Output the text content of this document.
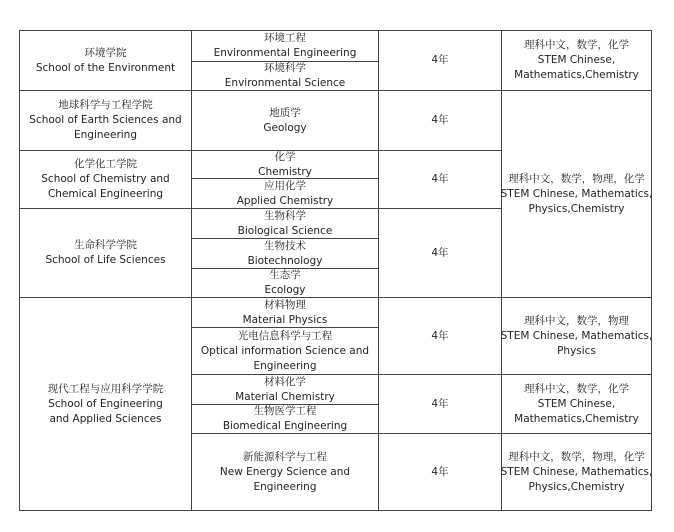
环境学院
School of the Environment
环境工程
Environmental Engineering
环境科学
Environmental Science
4年
理科中文，数学，化学
STEM Chinese,
Mathematics,Chemistry
地球科学与工程学院
School of Earth Sciences and
Engineering
地质学
Geology
4年
理科中文，数学，物理，化学
STEM Chinese, Mathematics,
Physics,Chemistry
化学化工学院
School of Chemistry and
Chemical Engineering
化学
Chemistry
应用化学
Applied Chemistry
4年
生命科学学院
School of Life Sciences
生物科学
Biological Science
生物技术
Biotechnology
生态学
Ecology
4年
现代工程与应用科学学院
School of Engineering
and Applied Sciences
材料物理
Material Physics
光电信息科学与工程
Optical information Science and
Engineering
材料化学
Material Chemistry
生物医学工程
Biomedical Engineering
新能源科学与工程
New Energy Science and
Engineering
4年
4年
4年
理科中文，数学，物理
STEM Chinese, Mathematics,
Physics
理科中文，数学，化学
STEM Chinese,
Mathematics,Chemistry
理科中文，数学，物理，化学
STEM Chinese, Mathematics,
Physics,Chemistry
